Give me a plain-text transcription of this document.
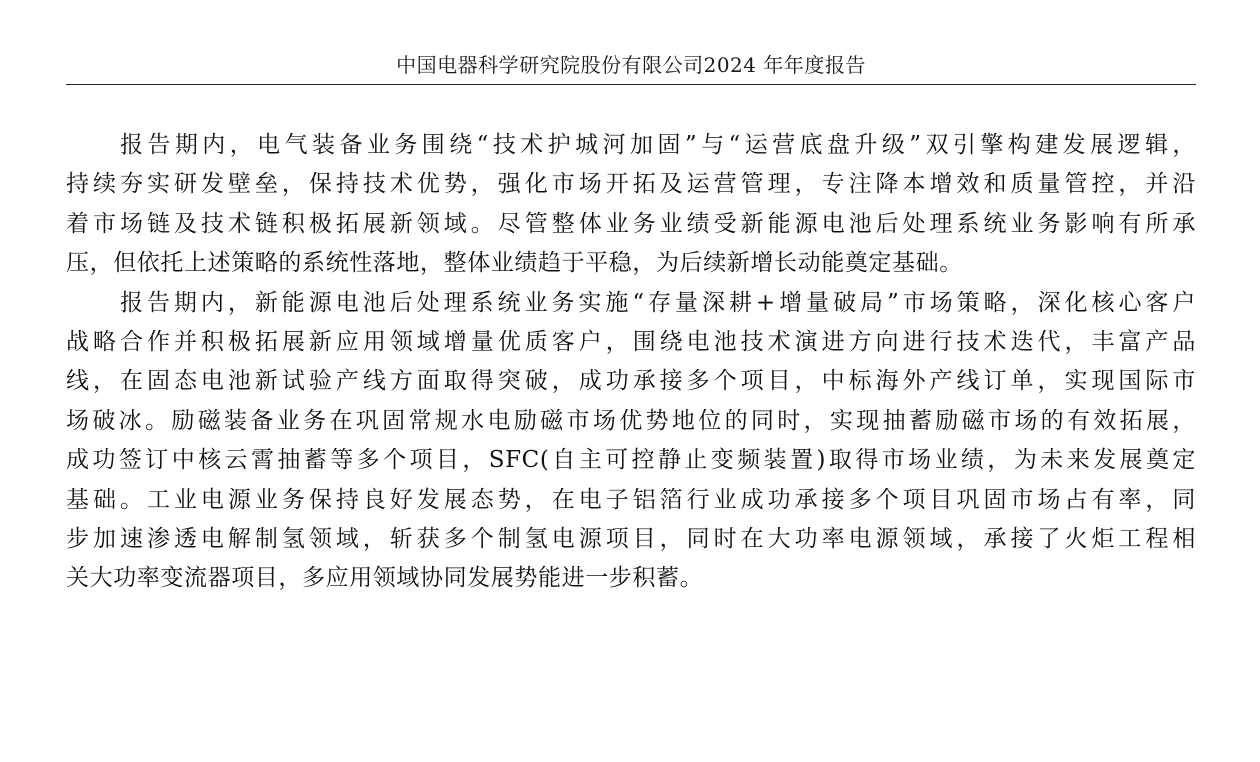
中国电器科学研究院股份有限公司2024 年年度报告

报告期内，电气装备业务围绕“技术护城河加固”与“运营底盘升级”双引擎构建发展逻辑，

持续夯实研发壁垒，保持技术优势，强化市场开拓及运营管理，专注降本增效和质量管控，并沿

着市场链及技术链积极拓展新领域。尽管整体业务业绩受新能源电池后处理系统业务影响有所承

压，但依托上述策略的系统性落地，整体业绩趋于平稳，为后续新增长动能奠定基础。

报告期内，新能源电池后处理系统业务实施“存量深耕+增量破局”市场策略，深化核心客户

战略合作并积极拓展新应用领域增量优质客户，围绕电池技术演进方向进行技术迭代，丰富产品

线，在固态电池新试验产线方面取得突破，成功承接多个项目，中标海外产线订单，实现国际市

场破冰。励磁装备业务在巩固常规水电励磁市场优势地位的同时，实现抽蓄励磁市场的有效拓展，

成功签订中核云霄抽蓄等多个项目，SFC(自主可控静止变频装置)取得市场业绩，为未来发展奠定

基础。工业电源业务保持良好发展态势，在电子铝箔行业成功承接多个项目巩固市场占有率，同

步加速渗透电解制氢领域，斩获多个制氢电源项目，同时在大功率电源领域，承接了火炬工程相

关大功率变流器项目，多应用领域协同发展势能进一步积蓄。
